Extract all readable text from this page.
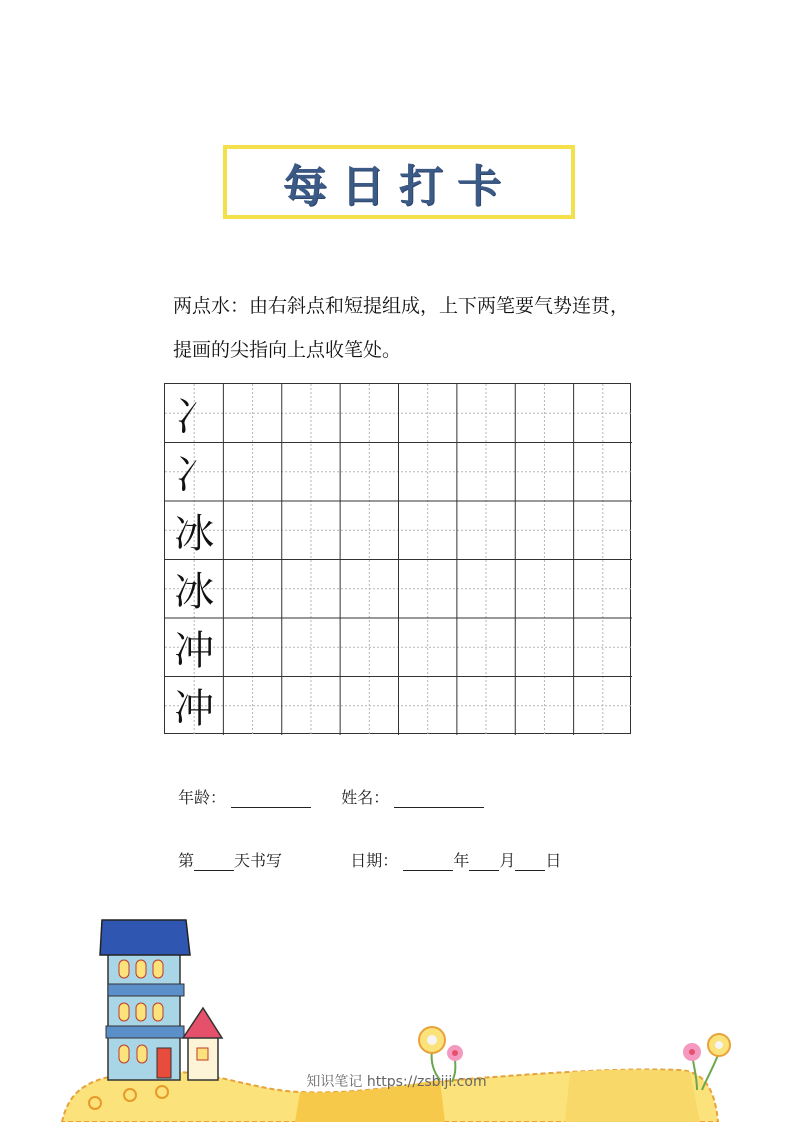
每日打卡
两点水：由右斜点和短提组成，上下两笔要气势连贯，提画的尖指向上点收笔处。
冫
冫
冰
冰
冲
冲
年龄：	姓名：
第	天书写	日期：	年 月 日
知识笔记 https://zsbiji.com
